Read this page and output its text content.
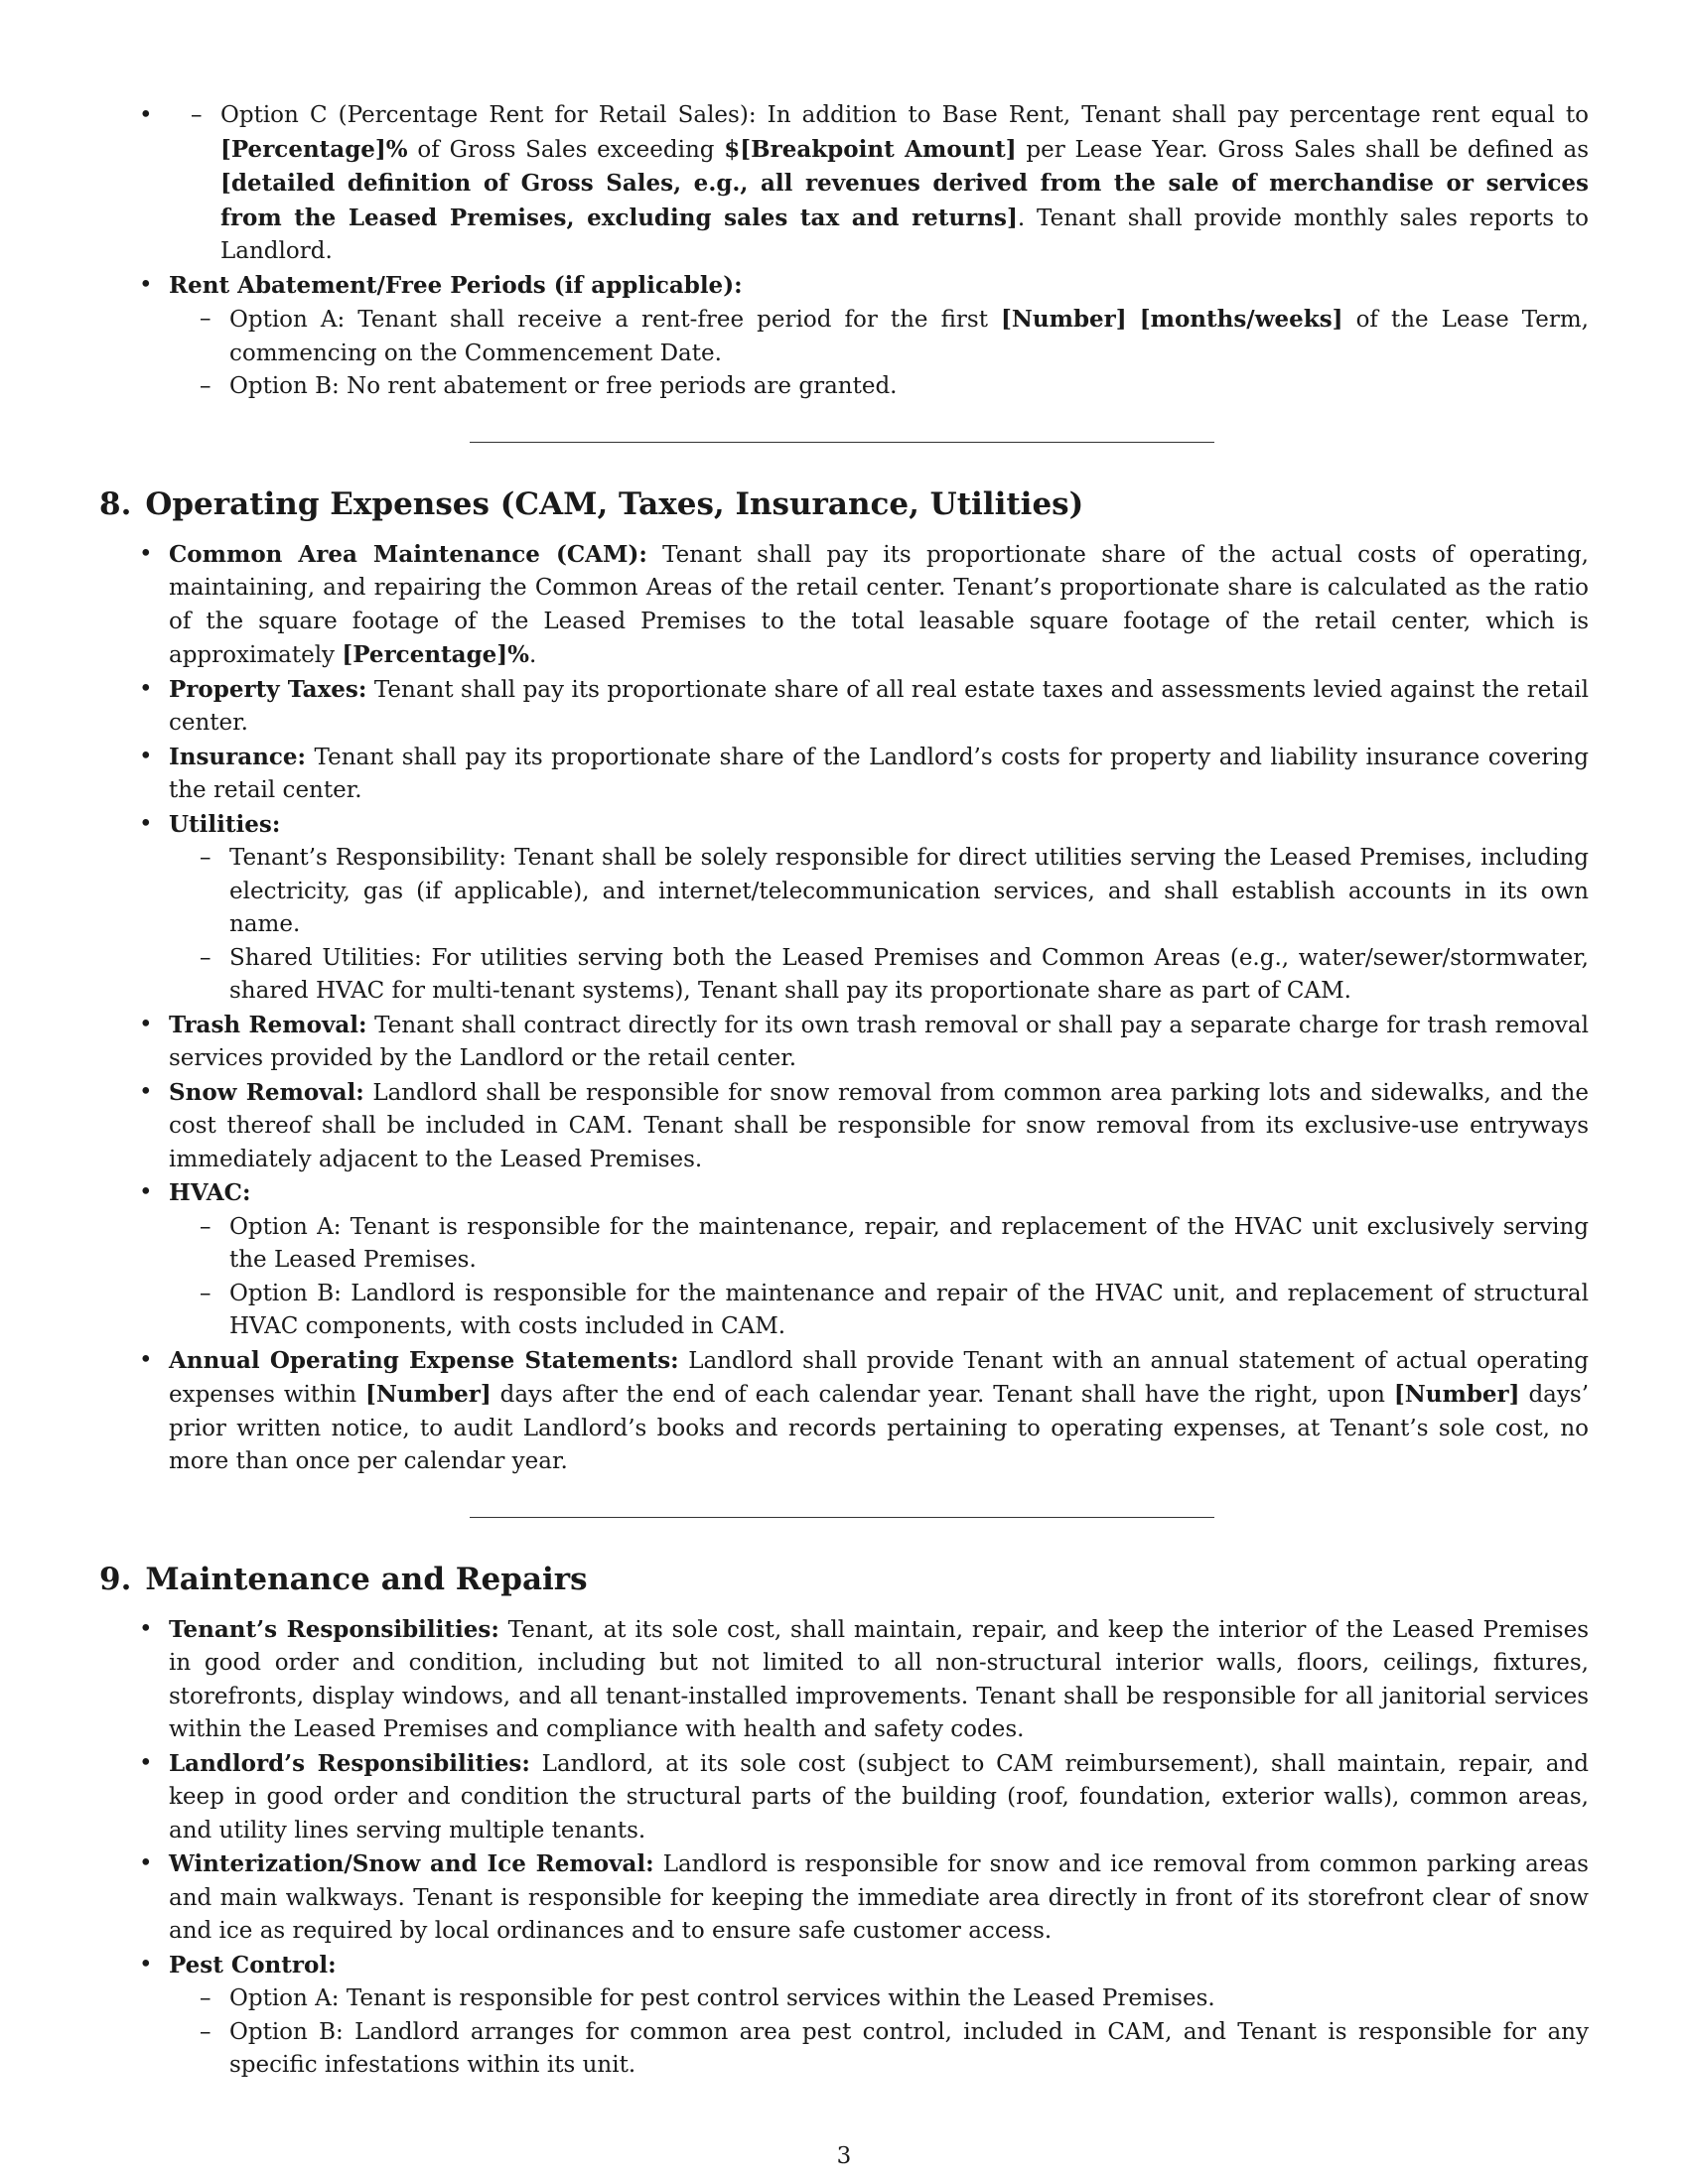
– • Option C (Percentage Rent for Retail Sales): In addition to Base Rent, Tenant shall pay percentage rent equal to [Percentage]% of Gross Sales exceeding $[Breakpoint Amount] per Lease Year. Gross Sales shall be defined as [detailed definition of Gross Sales, e.g., all revenues derived from the sale of merchandise or services from the Leased Premises, excluding sales tax and returns]. Tenant shall provide monthly sales reports to Landlord.
• Rent Abatement/Free Periods (if applicable):
– Option A: Tenant shall receive a rent-free period for the first [Number] [months/weeks] of the Lease Term, commencing on the Commencement Date.
– Option B: No rent abatement or free periods are granted.
8. Operating Expenses (CAM, Taxes, Insurance, Utilities)
• Common Area Maintenance (CAM): Tenant shall pay its proportionate share of the actual costs of operating, maintaining, and repairing the Common Areas of the retail center. Tenant’s proportionate share is calculated as the ratio of the square footage of the Leased Premises to the total leasable square footage of the retail center, which is approximately [Percentage]%.
• Property Taxes: Tenant shall pay its proportionate share of all real estate taxes and assessments levied against the retail center.
• Insurance: Tenant shall pay its proportionate share of the Landlord’s costs for property and liability insurance covering the retail center.
• Utilities:
– Tenant’s Responsibility: Tenant shall be solely responsible for direct utilities serving the Leased Premises, including electricity, gas (if applicable), and internet/telecommunication services, and shall establish accounts in its own name.
– Shared Utilities: For utilities serving both the Leased Premises and Common Areas (e.g., water/sewer/stormwater, shared HVAC for multi-tenant systems), Tenant shall pay its proportionate share as part of CAM.
• Trash Removal: Tenant shall contract directly for its own trash removal or shall pay a separate charge for trash removal services provided by the Landlord or the retail center.
• Snow Removal: Landlord shall be responsible for snow removal from common area parking lots and sidewalks, and the cost thereof shall be included in CAM. Tenant shall be responsible for snow removal from its exclusive-use entryways immediately adjacent to the Leased Premises.
• HVAC:
– Option A: Tenant is responsible for the maintenance, repair, and replacement of the HVAC unit exclusively serving the Leased Premises.
– Option B: Landlord is responsible for the maintenance and repair of the HVAC unit, and replacement of structural HVAC components, with costs included in CAM.
• Annual Operating Expense Statements: Landlord shall provide Tenant with an annual statement of actual operating expenses within [Number] days after the end of each calendar year. Tenant shall have the right, upon [Number] days’ prior written notice, to audit Landlord’s books and records pertaining to operating expenses, at Tenant’s sole cost, no more than once per calendar year.
9. Maintenance and Repairs
• Tenant’s Responsibilities: Tenant, at its sole cost, shall maintain, repair, and keep the interior of the Leased Premises in good order and condition, including but not limited to all non-structural interior walls, floors, ceilings, fixtures, storefronts, display windows, and all tenant-installed improvements. Tenant shall be responsible for all janitorial services within the Leased Premises and compliance with health and safety codes.
• Landlord’s Responsibilities: Landlord, at its sole cost (subject to CAM reimbursement), shall maintain, repair, and keep in good order and condition the structural parts of the building (roof, foundation, exterior walls), common areas, and utility lines serving multiple tenants.
• Winterization/Snow and Ice Removal: Landlord is responsible for snow and ice removal from common parking areas and main walkways. Tenant is responsible for keeping the immediate area directly in front of its storefront clear of snow and ice as required by local ordinances and to ensure safe customer access.
• Pest Control:
– Option A: Tenant is responsible for pest control services within the Leased Premises.
– Option B: Landlord arranges for common area pest control, included in CAM, and Tenant is responsible for any specific infestations within its unit.
3
